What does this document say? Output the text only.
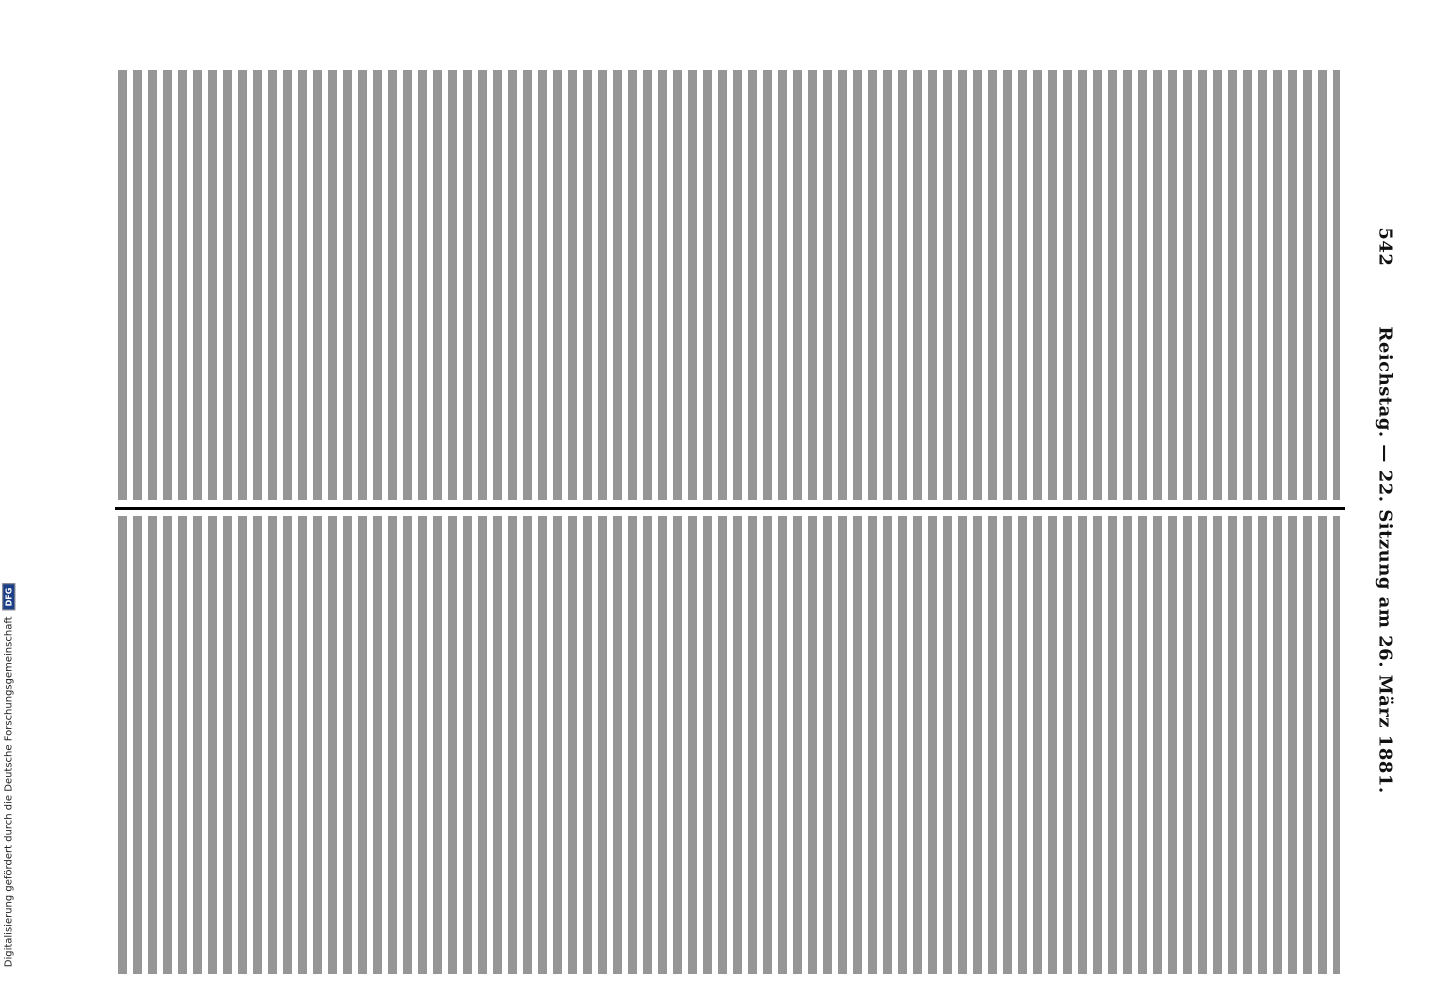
542
Reichstag. — 22. Sitzung am 26. März 1881.
Digitalisierung gefördert durch die Deutsche Forschungsgemeinschaft
DFG
